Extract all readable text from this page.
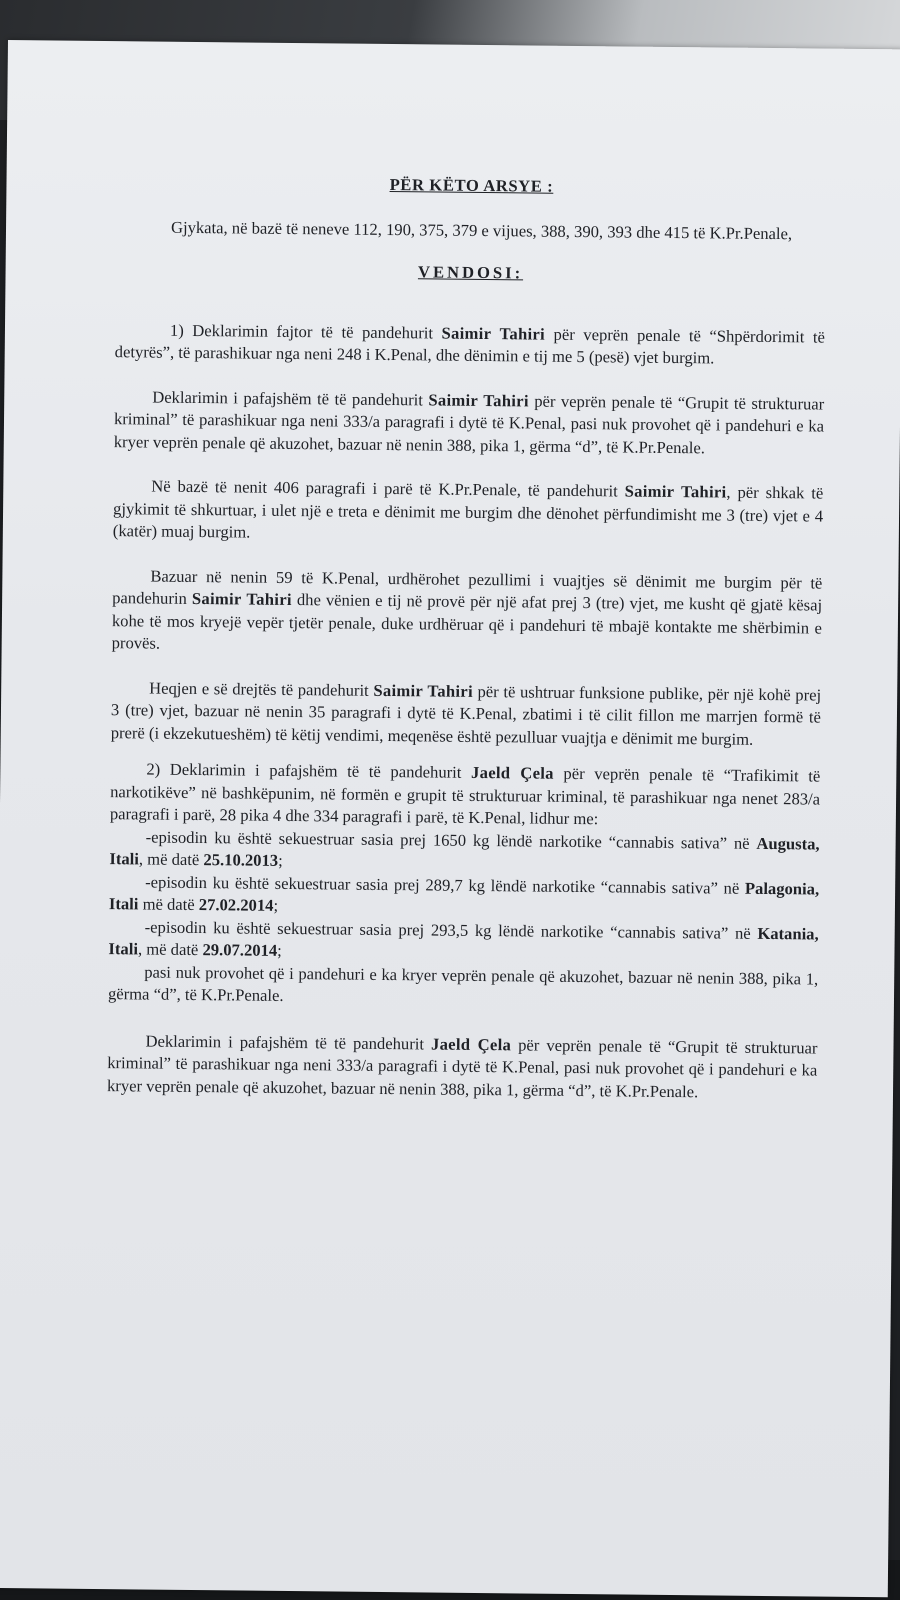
PËR KËTO ARSYE :

Gjykata, në bazë të neneve 112, 190, 375, 379 e vijues, 388, 390, 393 dhe 415 të K.Pr.Penale,

VENDOSI:

1) Deklarimin fajtor të të pandehurit Saimir Tahiri për veprën penale të “Shpërdorimit të detyrës”, të parashikuar nga neni 248 i K.Penal, dhe dënimin e tij me 5 (pesë) vjet burgim.

Deklarimin i pafajshëm të të pandehurit Saimir Tahiri për veprën penale të “Grupit të strukturuar kriminal” të parashikuar nga neni 333/a paragrafi i dytë të K.Penal, pasi nuk provohet që i pandehuri e ka kryer veprën penale që akuzohet, bazuar në nenin 388, pika 1, gërma “d”, të K.Pr.Penale.

Në bazë të nenit 406 paragrafi i parë të K.Pr.Penale, të pandehurit Saimir Tahiri, për shkak të gjykimit të shkurtuar, i ulet një e treta e dënimit me burgim dhe dënohet përfundimisht me 3 (tre) vjet e 4 (katër) muaj burgim.

Bazuar në nenin 59 të K.Penal, urdhërohet pezullimi i vuajtjes së dënimit me burgim për të pandehurin Saimir Tahiri dhe vënien e tij në provë për një afat prej 3 (tre) vjet, me kusht që gjatë kësaj kohe të mos kryejë vepër tjetër penale, duke urdhëruar që i pandehuri të mbajë kontakte me shërbimin e provës.

Heqjen e së drejtës të pandehurit Saimir Tahiri për të ushtruar funksione publike, për një kohë prej 3 (tre) vjet, bazuar në nenin 35 paragrafi i dytë të K.Penal, zbatimi i të cilit fillon me marrjen formë të prerë (i ekzekutueshëm) të këtij vendimi, meqenëse është pezulluar vuajtja e dënimit me burgim.

2) Deklarimin i pafajshëm të të pandehurit Jaeld Çela për veprën penale të “Trafikimit të narkotikëve” në bashkëpunim, në formën e grupit të strukturuar kriminal, të parashikuar nga nenet 283/a paragrafi i parë, 28 pika 4 dhe 334 paragrafi i parë, të K.Penal, lidhur me:

-episodin ku është sekuestruar sasia prej 1650 kg lëndë narkotike “cannabis sativa” në Augusta, Itali, më datë 25.10.2013;

-episodin ku është sekuestruar sasia prej 289,7 kg lëndë narkotike “cannabis sativa” në Palagonia, Itali më datë 27.02.2014;

-episodin ku është sekuestruar sasia prej 293,5 kg lëndë narkotike “cannabis sativa” në Katania, Itali, më datë 29.07.2014;

pasi nuk provohet që i pandehuri e ka kryer veprën penale që akuzohet, bazuar në nenin 388, pika 1, gërma “d”, të K.Pr.Penale.

Deklarimin i pafajshëm të të pandehurit Jaeld Çela për veprën penale të “Grupit të strukturuar kriminal” të parashikuar nga neni 333/a paragrafi i dytë të K.Penal, pasi nuk provohet që i pandehuri e ka kryer veprën penale që akuzohet, bazuar në nenin 388, pika 1, gërma “d”, të K.Pr.Penale.
